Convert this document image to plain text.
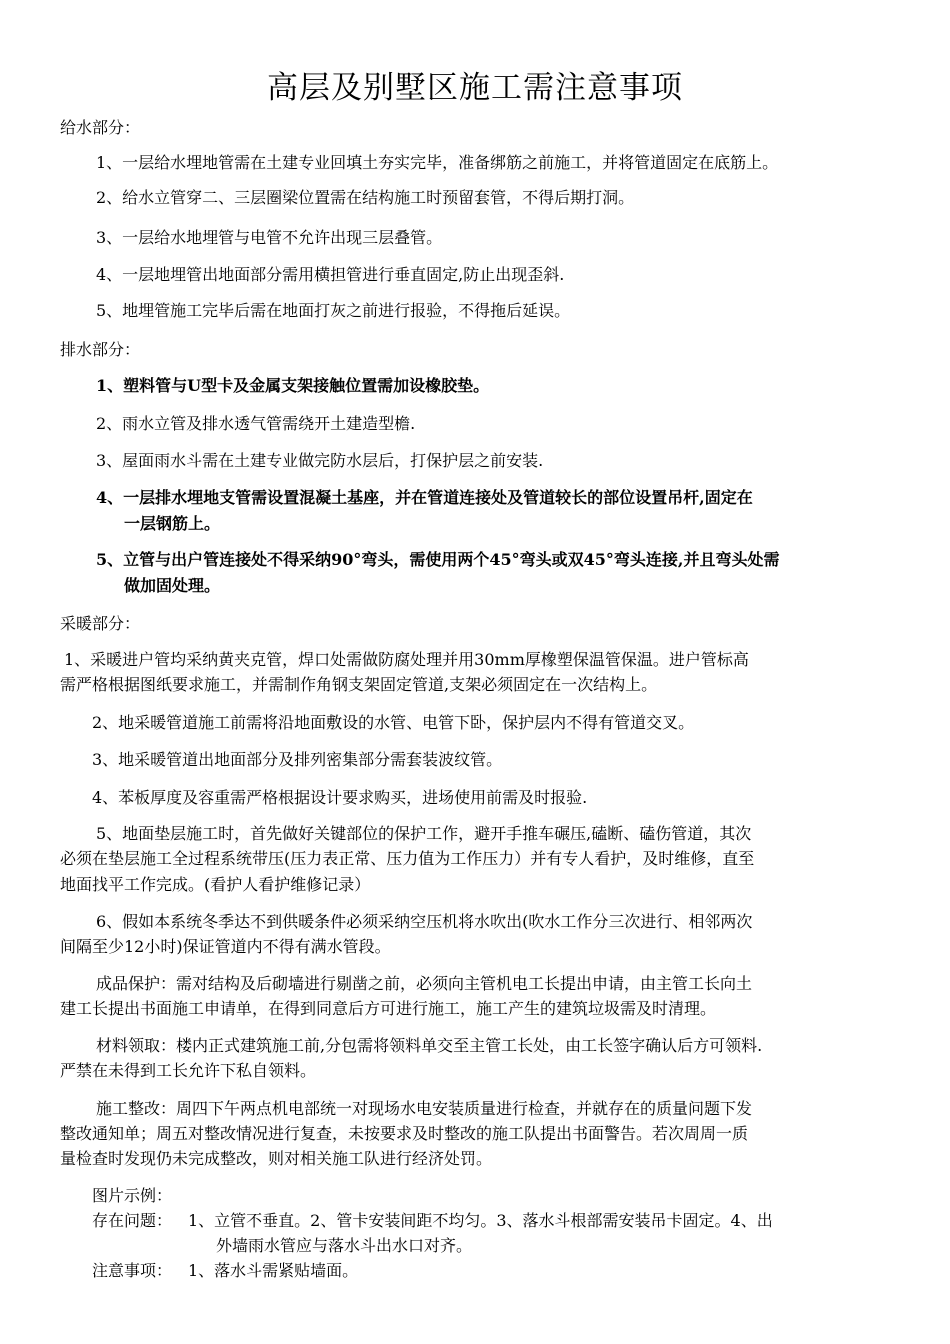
高层及别墅区施工需注意事项
给水部分：
1、一层给水埋地管需在土建专业回填土夯实完毕，准备绑筋之前施工，并将管道固定在底筋上。
2、给水立管穿二、三层圈梁位置需在结构施工时预留套管，不得后期打洞。
3、一层给水地埋管与电管不允许出现三层叠管。
4、一层地埋管出地面部分需用横担管进行垂直固定,防止出现歪斜.
5、地埋管施工完毕后需在地面打灰之前进行报验，不得拖后延误。
排水部分：
1、塑料管与U型卡及金属支架接触位置需加设橡胶垫。
2、雨水立管及排水透气管需绕开土建造型檐.
3、屋面雨水斗需在土建专业做完防水层后，打保护层之前安装.
4、一层排水埋地支管需设置混凝土基座，并在管道连接处及管道较长的部位设置吊杆,固定在
一层钢筋上。
5、立管与出户管连接处不得采纳90°弯头，需使用两个45°弯头或双45°弯头连接,并且弯头处需
做加固处理。
采暖部分：
1、采暖进户管均采纳黄夹克管，焊口处需做防腐处理并用30mm厚橡塑保温管保温。进户管标高
需严格根据图纸要求施工，并需制作角钢支架固定管道,支架必须固定在一次结构上。
2、地采暖管道施工前需将沿地面敷设的水管、电管下卧，保护层内不得有管道交叉。
3、地采暖管道出地面部分及排列密集部分需套装波纹管。
4、苯板厚度及容重需严格根据设计要求购买，进场使用前需及时报验.
5、地面垫层施工时，首先做好关键部位的保护工作，避开手推车碾压,磕断、磕伤管道，其次
必须在垫层施工全过程系统带压(压力表正常、压力值为工作压力）并有专人看护，及时维修，直至
地面找平工作完成。(看护人看护维修记录）
6、假如本系统冬季达不到供暖条件必须采纳空压机将水吹出(吹水工作分三次进行、相邻两次
间隔至少12小时)保证管道内不得有满水管段。
成品保护：需对结构及后砌墙进行剔凿之前，必须向主管机电工长提出申请，由主管工长向土
建工长提出书面施工申请单，在得到同意后方可进行施工，施工产生的建筑垃圾需及时清理。
材料领取：楼内正式建筑施工前,分包需将领料单交至主管工长处，由工长签字确认后方可领料.
严禁在未得到工长允许下私自领料。
施工整改：周四下午两点机电部统一对现场水电安装质量进行检查，并就存在的质量问题下发
整改通知单；周五对整改情况进行复查，未按要求及时整改的施工队提出书面警告。若次周周一质
量检查时发现仍未完成整改，则对相关施工队进行经济处罚。
图片示例：
存在问题： 1、立管不垂直。2、管卡安装间距不均匀。3、落水斗根部需安装吊卡固定。4、出
外墙雨水管应与落水斗出水口对齐。
注意事项： 1、落水斗需紧贴墙面。
